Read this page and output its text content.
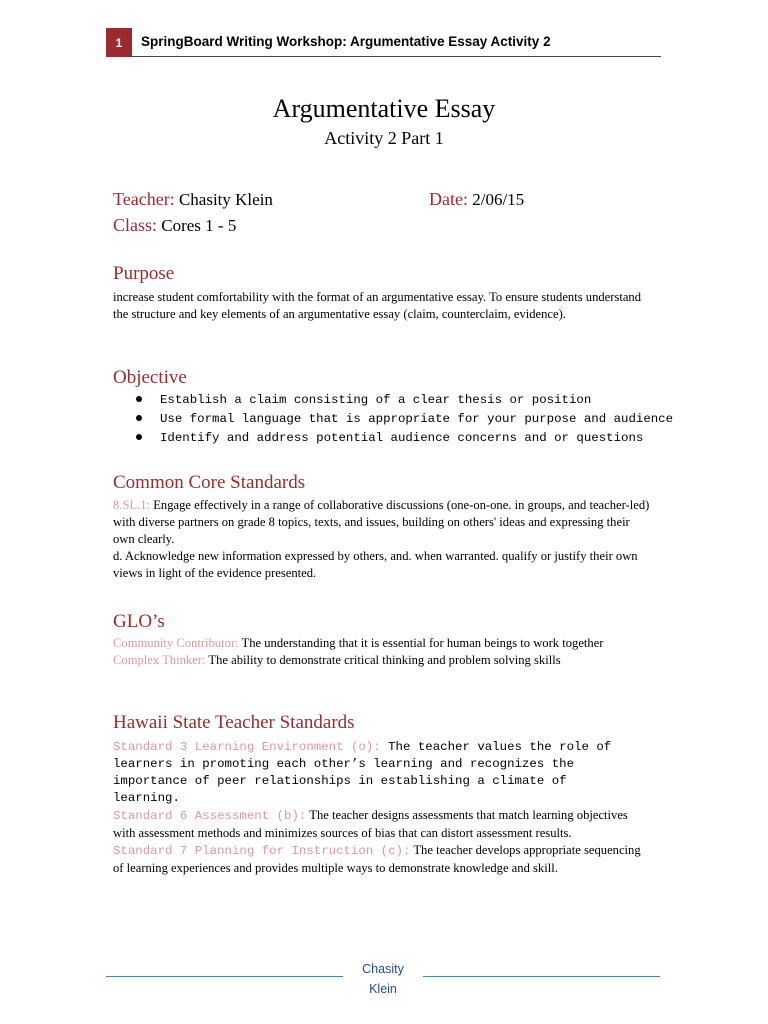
1	SpringBoard Writing Workshop: Argumentative Essay Activity 2
Argumentative Essay
Activity 2 Part 1
Teacher: Chasity Klein	Date: 2/06/15
Class: Cores 1 - 5
Purpose
increase student comfortability with the format of an argumentative essay. To ensure students understand the structure and key elements of an argumentative essay (claim, counterclaim, evidence).
Objective
Establish a claim consisting of a clear thesis or position
Use formal language that is appropriate for your purpose and audience
Identify and address potential audience concerns and or questions
Common Core Standards
8.SL.1: Engage effectively in a range of collaborative discussions (one-on-one. in groups, and teacher-led) with diverse partners on grade 8 topics, texts, and issues, building on others' ideas and expressing their own clearly.
d. Acknowledge new information expressed by others, and. when warranted. qualify or justify their own views in light of the evidence presented.
GLO’s
Community Contributor: The understanding that it is essential for human beings to work together
Complex Thinker: The ability to demonstrate critical thinking and problem solving skills
Hawaii State Teacher Standards
Standard 3 Learning Environment (o): The teacher values the role of learners in promoting each other’s learning and recognizes the importance of peer relationships in establishing a climate of learning.
Standard 6 Assessment (b): The teacher designs assessments that match learning objectives with assessment methods and minimizes sources of bias that can distort assessment results.
Standard 7 Planning for Instruction (c): The teacher develops appropriate sequencing of learning experiences and provides multiple ways to demonstrate knowledge and skill.
Chasity
Klein
